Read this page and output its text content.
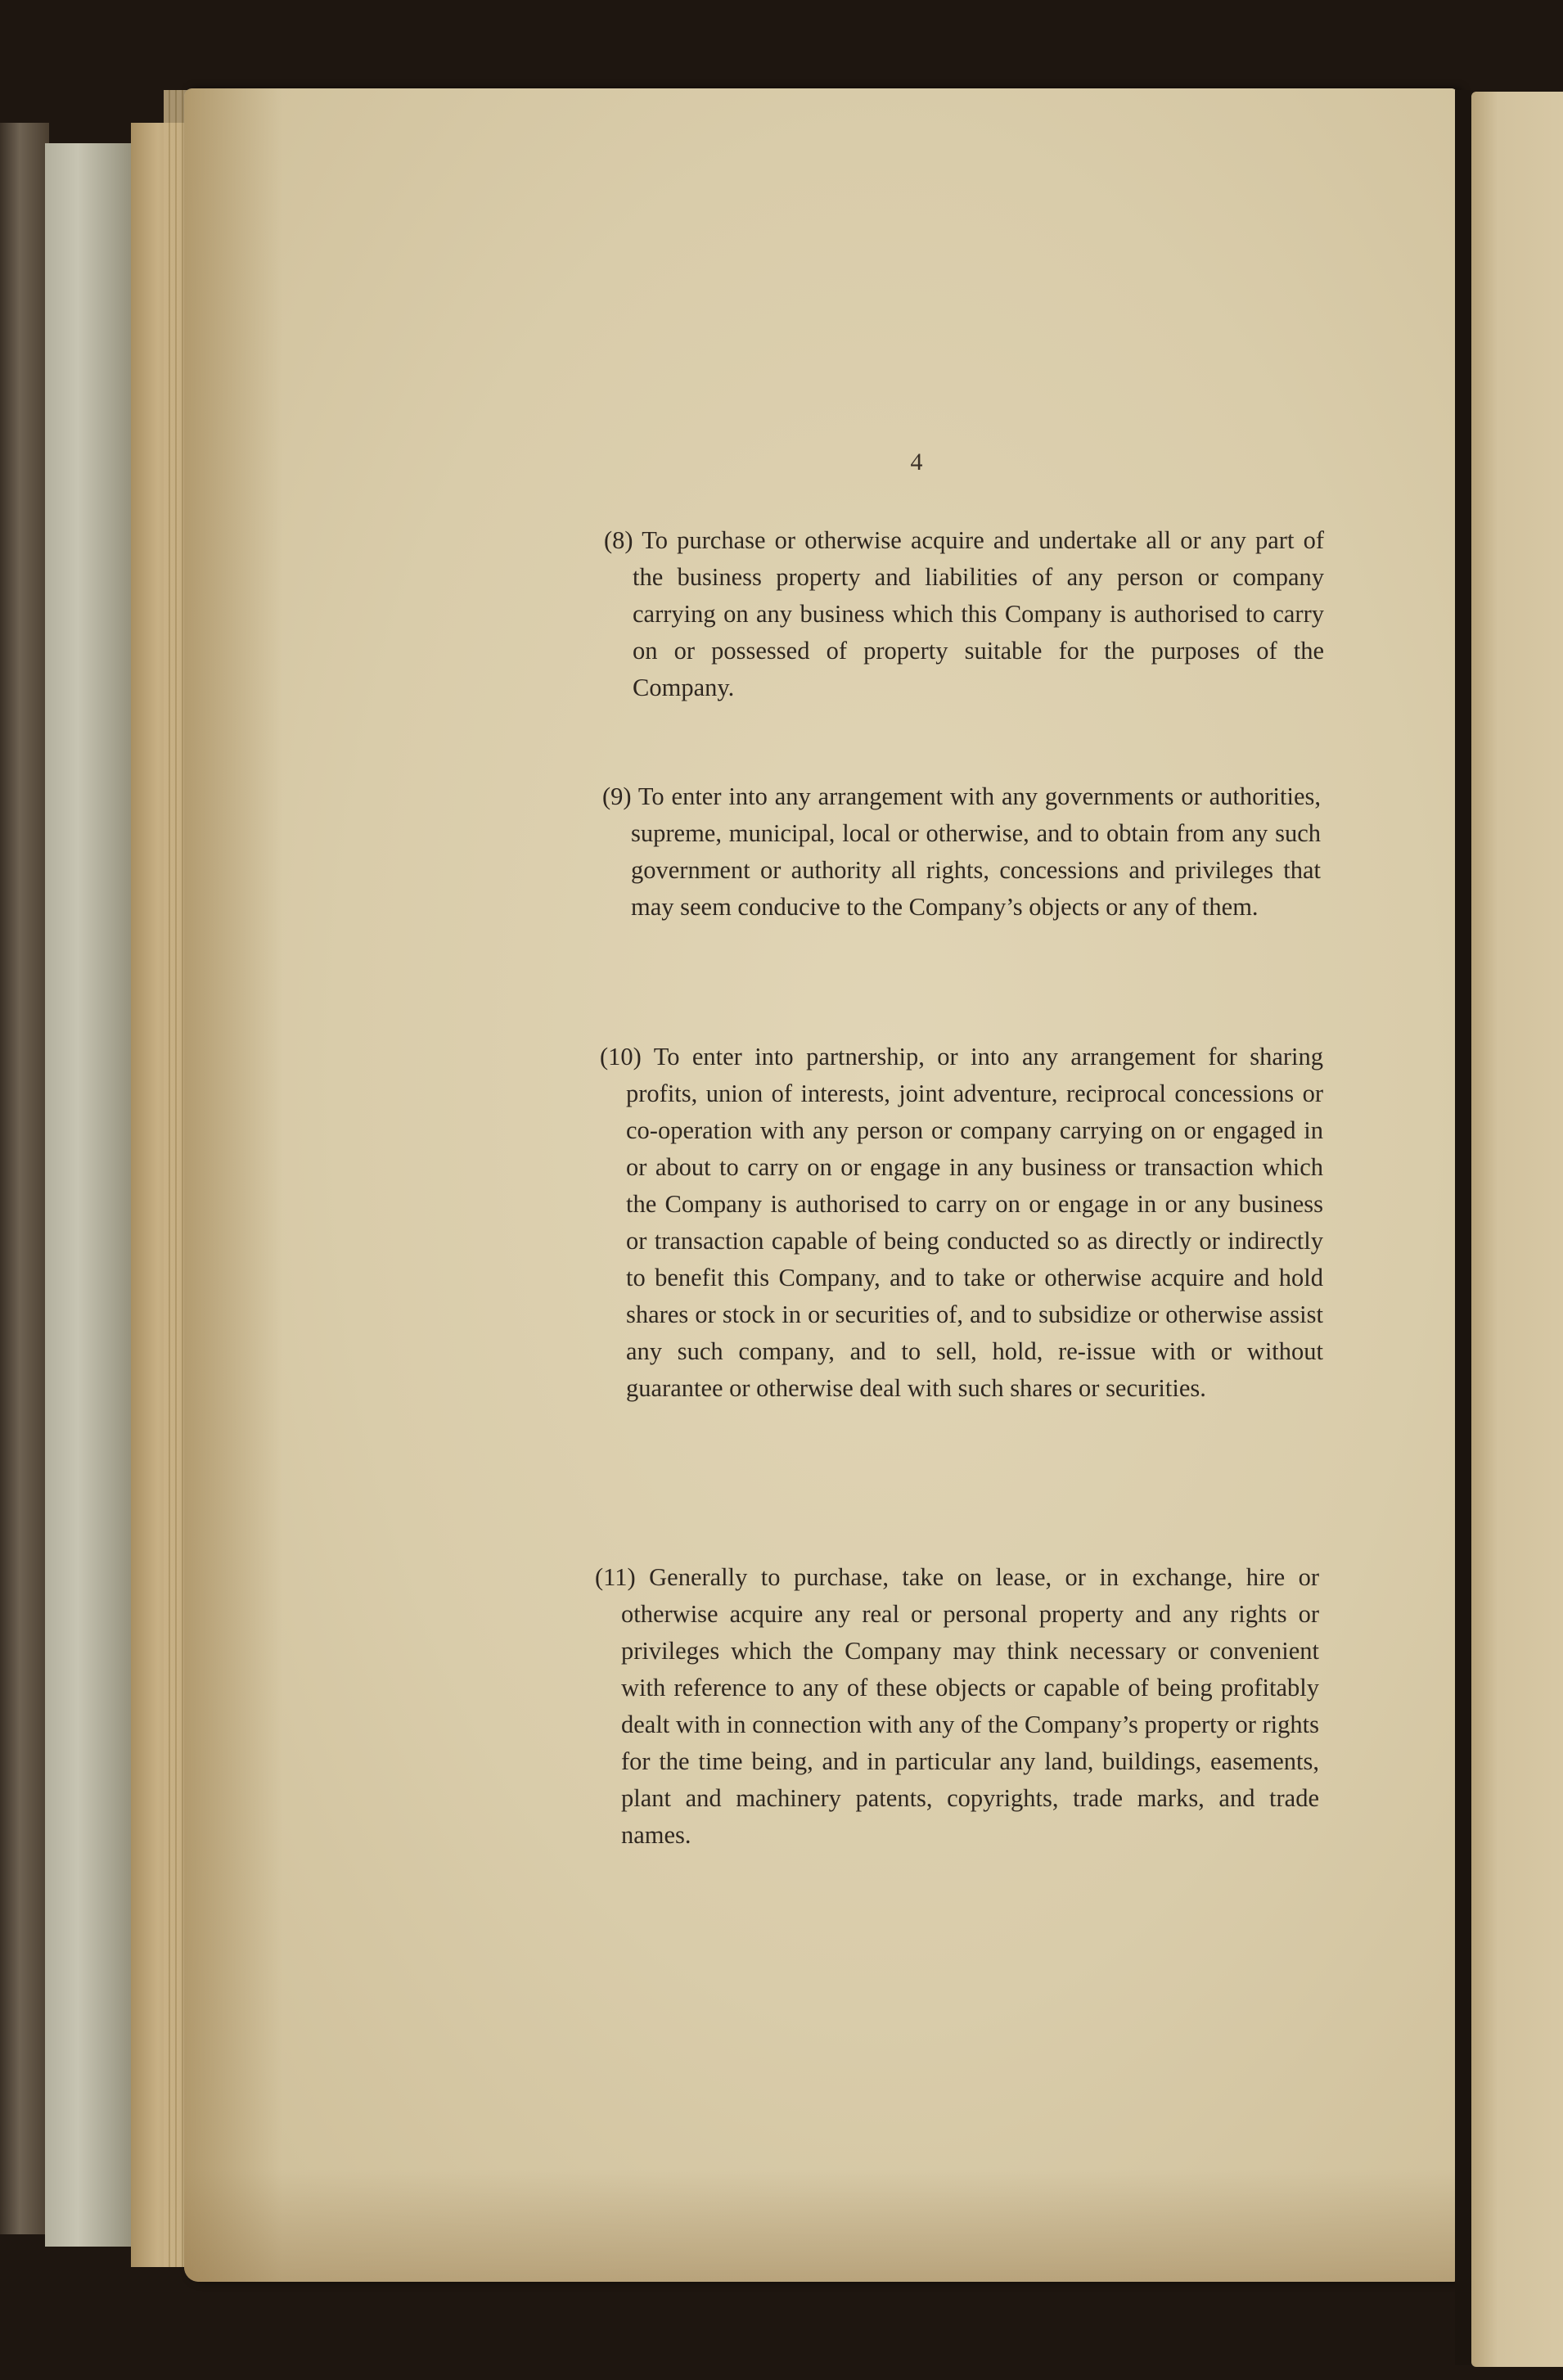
4

(8) To purchase or otherwise acquire and undertake all or any part of the business property and liabilities of any person or company carrying on any business which this Company is authorised to carry on or possessed of property suitable for the purposes of the Company.

(9) To enter into any arrangement with any governments or authorities, supreme, municipal, local or otherwise, and to obtain from any such government or authority all rights, concessions and privileges that may seem conducive to the Company’s objects or any of them.

(10) To enter into partnership, or into any arrangement for sharing profits, union of interests, joint adventure, reciprocal concessions or co-operation with any person or company carrying on or engaged in or about to carry on or engage in any business or transaction which the Company is authorised to carry on or engage in or any business or transaction capable of being conducted so as directly or indirectly to benefit this Company, and to take or otherwise acquire and hold shares or stock in or securities of, and to subsidize or otherwise assist any such company, and to sell, hold, re-issue with or without guarantee or otherwise deal with such shares or securities.

(11) Generally to purchase, take on lease, or in exchange, hire or otherwise acquire any real or personal property and any rights or privileges which the Company may think necessary or convenient with reference to any of these objects or capable of being profitably dealt with in connection with any of the Company’s property or rights for the time being, and in particular any land, buildings, easements, plant and machinery patents, copyrights, trade marks, and trade names.
